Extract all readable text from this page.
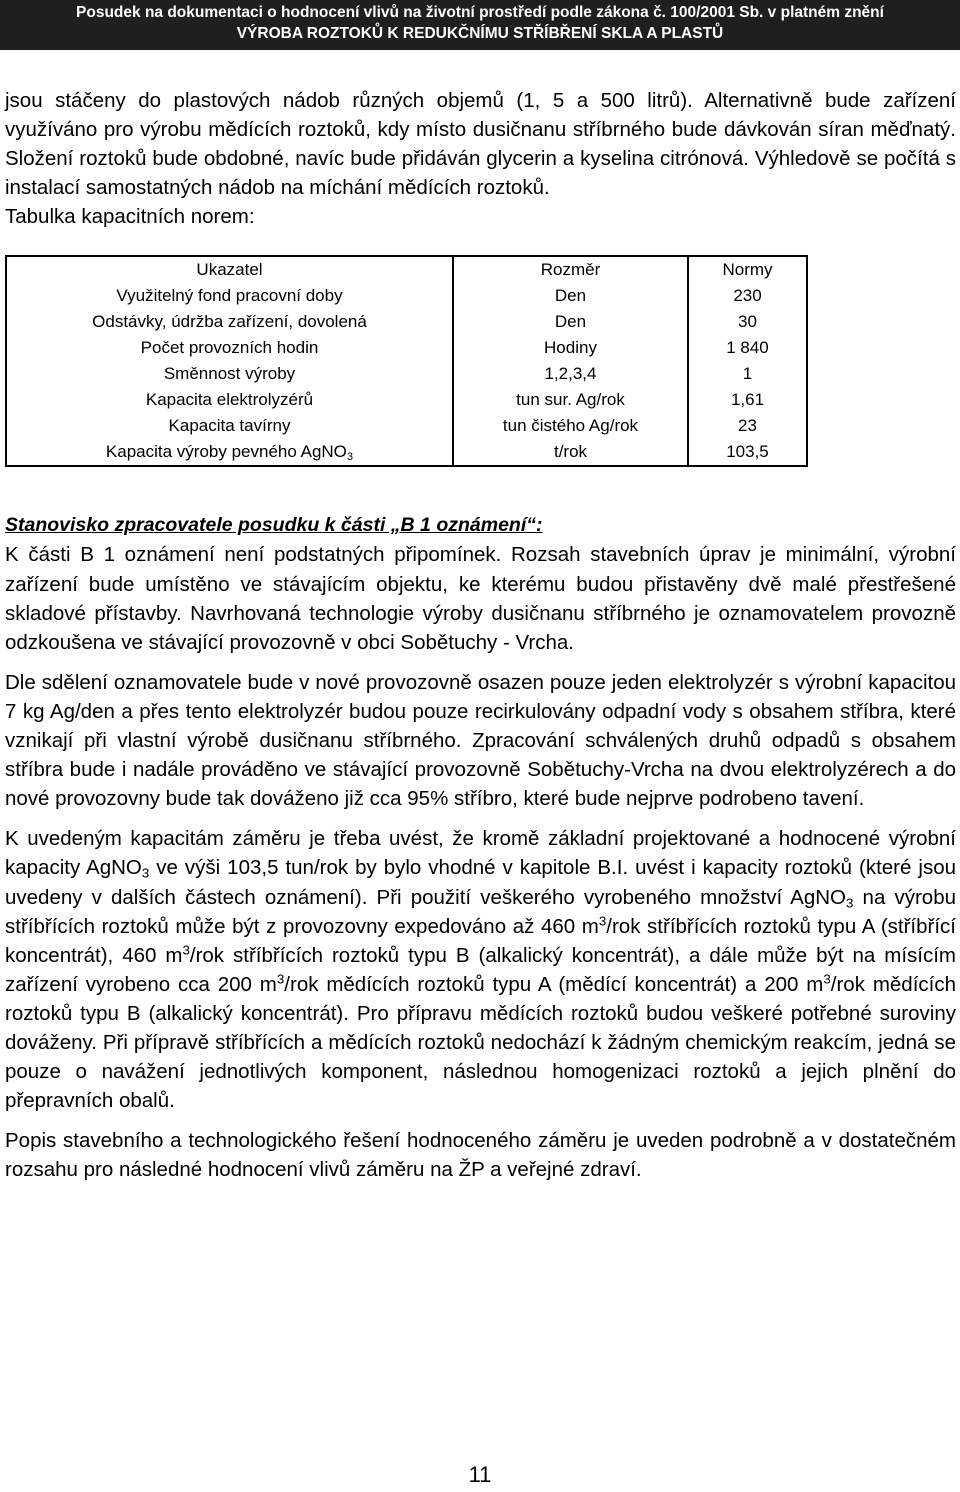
Posudek na dokumentaci o hodnocení vlivů na životní prostředí podle zákona č. 100/2001 Sb. v platném znění
VÝROBA ROZTOKŮ K REDUKČNÍMU STŘÍBŘENÍ SKLA A PLASTŮ

jsou stáčeny do plastových nádob různých objemů (1, 5 a 500 litrů). Alternativně bude zařízení využíváno pro výrobu mědících roztoků, kdy místo dusičnanu stříbrného bude dávkován síran měďnatý. Složení roztoků bude obdobné, navíc bude přidáván glycerin a kyselina citrónová. Výhledově se počítá s instalací samostatných nádob na míchání mědících roztoků.

Tabulka kapacitních norem:
Ukazatel	Rozměr	Normy
Využitelný fond pracovní doby	Den	230
Odstávky, údržba zařízení, dovolená	Den	30
Počet provozních hodin	Hodiny	1 840
Směnnost výroby	1,2,3,4	1
Kapacita elektrolyzérů	tun sur. Ag/rok	1,61
Kapacita tavírny	tun čistého Ag/rok	23
Kapacita výroby pevného AgNO$_3$	t/rok	103,5
Stanovisko zpracovatele posudku k části „B 1 oznámení“:

K části B 1 oznámení není podstatných připomínek. Rozsah stavebních úprav je minimální, výrobní zařízení bude umístěno ve stávajícím objektu, ke kterému budou přistavěny dvě malé přestřešené skladové přístavby. Navrhovaná technologie výroby dusičnanu stříbrného je oznamovatelem provozně odzkoušena ve stávající provozovně v obci Sobětuchy - Vrcha.

Dle sdělení oznamovatele bude v nové provozovně osazen pouze jeden elektrolyzér s výrobní kapacitou 7 kg Ag/den a přes tento elektrolyzér budou pouze recirkulovány odpadní vody s obsahem stříbra, které vznikají při vlastní výrobě dusičnanu stříbrného. Zpracování schválených druhů odpadů s obsahem stříbra bude i nadále prováděno ve stávající provozovně Sobětuchy-Vrcha na dvou elektrolyzérech a do nové provozovny bude tak dováženo již cca 95% stříbro, které bude nejprve podrobeno tavení.

K uvedeným kapacitám záměru je třeba uvést, že kromě základní projektované a hodnocené výrobní kapacity AgNO$_3$ ve výši 103,5 tun/rok by bylo vhodné v kapitole B.I. uvést i kapacity roztoků (které jsou uvedeny v dalších částech oznámení). Při použití veškerého vyrobeného množství AgNO$_3$ na výrobu stříbřících roztoků může být z provozovny expedováno až 460 $m^3$/rok stříbřících roztoků typu A (stříbřící koncentrát), 460 $m^3$/rok stříbřících roztoků typu B (alkalický koncentrát), a dále může být na mísícím zařízení vyrobeno cca 200 $m^3$/rok mědících roztoků typu A (mědící koncentrát) a 200 $m^3$/rok mědících roztoků typu B (alkalický koncentrát). Pro přípravu mědících roztoků budou veškeré potřebné suroviny dováženy. Při přípravě stříbřících a mědících roztoků nedochází k žádným chemickým reakcím, jedná se pouze o navážení jednotlivých komponent, následnou homogenizaci roztoků a jejich plnění do přepravních obalů.

Popis stavebního a technologického řešení hodnoceného záměru je uveden podrobně a v dostatečném rozsahu pro následné hodnocení vlivů záměru na ŽP a veřejné zdraví.

11
